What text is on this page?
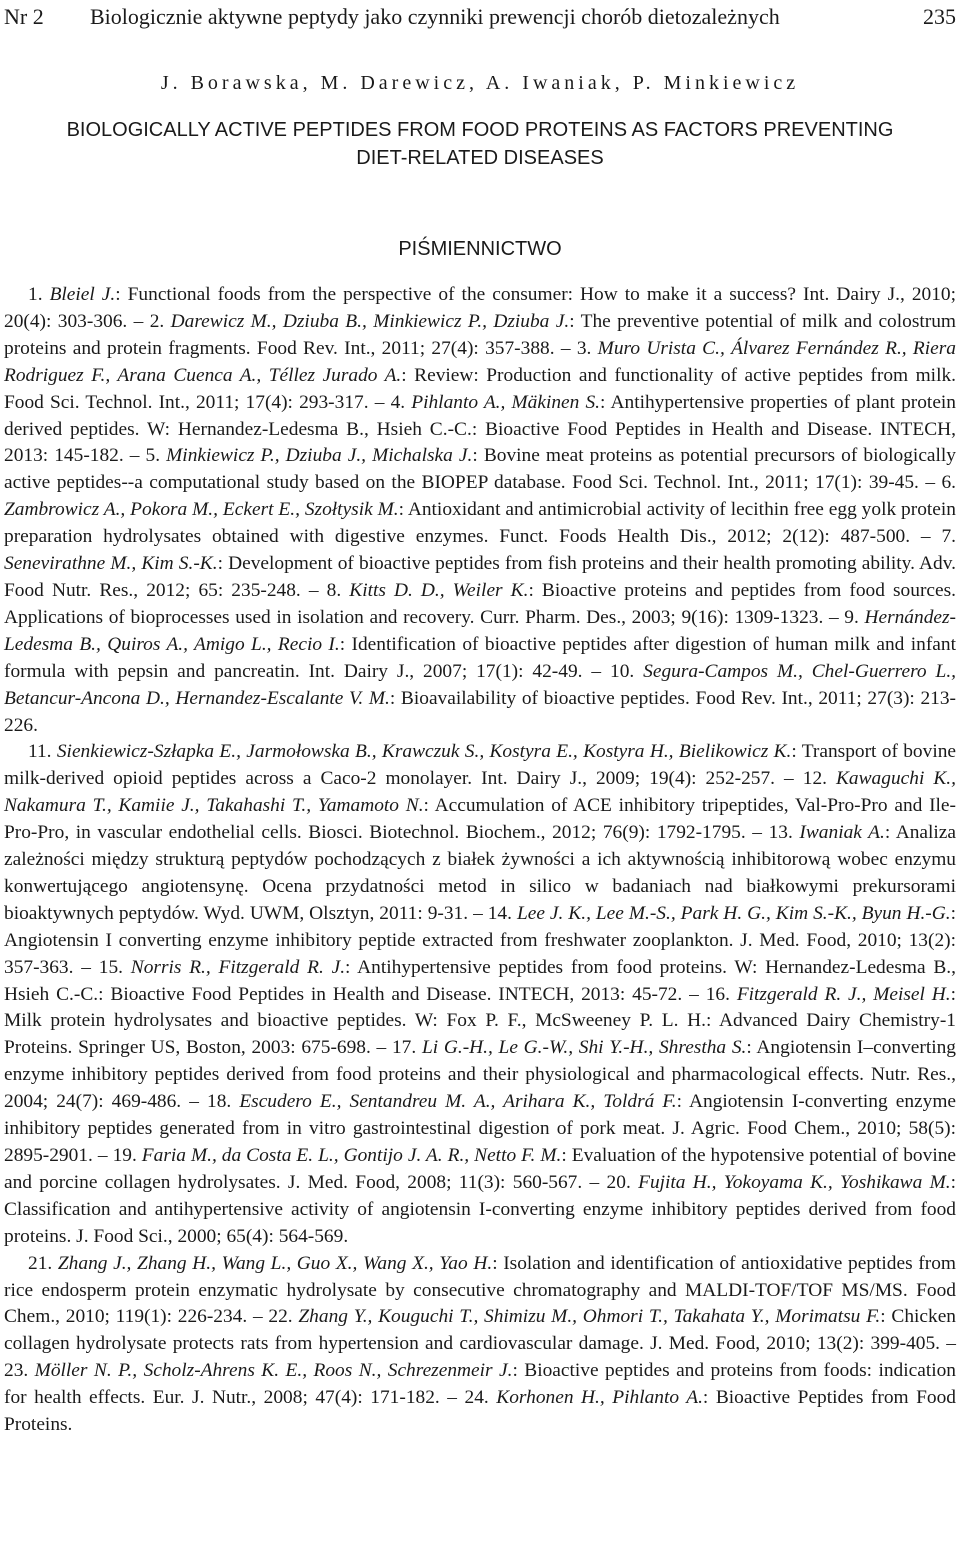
Nr 2 Biologicznie aktywne peptydy jako czynniki prewencji chorób dietozależnych	235
J. Borawska, M. Darewicz, A. Iwaniak, P. Minkiewicz
BIOLOGICALLY ACTIVE PEPTIDES FROM FOOD PROTEINS AS FACTORS PREVENTING
DIET-RELATED DISEASES
PIŚMIENNICTWO

1. Bleiel J.: Functional foods from the perspective of the consumer: How to make it a success? Int. Dairy J., 2010; 20(4): 303-306. – 2. Darewicz M., Dziuba B., Minkiewicz P., Dziuba J.: The preventive potential of milk and colostrum proteins and protein fragments. Food Rev. Int., 2011; 27(4): 357-388. – 3. Muro Urista C., Álvarez Fernández R., Riera Rodriguez F., Arana Cuenca A., Téllez Jurado A.: Review: Production and functionality of active peptides from milk. Food Sci. Technol. Int., 2011; 17(4): 293-317. – 4. Pihlanto A., Mäkinen S.: Antihypertensive properties of plant protein derived peptides. W: Hernandez-Ledesma B., Hsieh C.-C.: Bioactive Food Peptides in Health and Disease. INTECH, 2013: 145-182. – 5. Minkiewicz P., Dziuba J., Michalska J.: Bovine meat proteins as potential precursors of biologically active peptides--a computational study based on the BIOPEP database. Food Sci. Technol. Int., 2011; 17(1): 39-45. – 6. Zambrowicz A., Pokora M., Eckert E., Szołtysik M.: Antioxidant and antimicrobial activity of lecithin free egg yolk protein preparation hydrolysates obtained with digestive enzymes. Funct. Foods Health Dis., 2012; 2(12): 487-500. – 7. Senevirathne M., Kim S.-K.: Development of bioactive peptides from fish proteins and their health promoting ability. Adv. Food Nutr. Res., 2012; 65: 235-248. – 8. Kitts D. D., Weiler K.: Bioactive proteins and peptides from food sources. Applications of bioprocesses used in isolation and recovery. Curr. Pharm. Des., 2003; 9(16): 1309-1323. – 9. Hernández-Ledesma B., Quiros A., Amigo L., Recio I.: Identification of bioactive peptides after digestion of human milk and infant formula with pepsin and pancreatin. Int. Dairy J., 2007; 17(1): 42-49. – 10. Segura-Campos M., Chel-Guerrero L., Betancur-Ancona D., Hernandez-Escalante V. M.: Bioavailability of bioactive peptides. Food Rev. Int., 2011; 27(3): 213-226.

11. Sienkiewicz-Szłapka E., Jarmołowska B., Krawczuk S., Kostyra E., Kostyra H., Bielikowicz K.: Transport of bovine milk-derived opioid peptides across a Caco-2 monolayer. Int. Dairy J., 2009; 19(4): 252-257. – 12. Kawaguchi K., Nakamura T., Kamiie J., Takahashi T., Yamamoto N.: Accumulation of ACE inhibitory tripeptides, Val-Pro-Pro and Ile-Pro-Pro, in vascular endothelial cells. Biosci. Biotechnol. Biochem., 2012; 76(9): 1792-1795. – 13. Iwaniak A.: Analiza zależności między strukturą peptydów pochodzących z białek żywności a ich aktywnością inhibitorową wobec enzymu konwertującego angiotensynę. Ocena przydatności metod in silico w badaniach nad białkowymi prekursorami bioaktywnych peptydów. Wyd. UWM, Olsztyn, 2011: 9-31. – 14. Lee J. K., Lee M.-S., Park H. G., Kim S.-K., Byun H.-G.: Angiotensin I converting enzyme inhibitory peptide extracted from freshwater zooplankton. J. Med. Food, 2010; 13(2): 357-363. – 15. Norris R., Fitzgerald R. J.: Antihypertensive peptides from food proteins. W: Hernandez-Ledesma B., Hsieh C.-C.: Bioactive Food Peptides in Health and Disease. INTECH, 2013: 45-72. – 16. Fitzgerald R. J., Meisel H.: Milk protein hydrolysates and bioactive peptides. W: Fox P. F., McSweeney P. L. H.: Advanced Dairy Chemistry-1 Proteins. Springer US, Boston, 2003: 675-698. – 17. Li G.-H., Le G.-W., Shi Y.-H., Shrestha S.: Angiotensin I–converting enzyme inhibitory peptides derived from food proteins and their physiological and pharmacological effects. Nutr. Res., 2004; 24(7): 469-486. – 18. Escudero E., Sentandreu M. A., Arihara K., Toldrá F.: Angiotensin I-converting enzyme inhibitory peptides generated from in vitro gastrointestinal digestion of pork meat. J. Agric. Food Chem., 2010; 58(5): 2895-2901. – 19. Faria M., da Costa E. L., Gontijo J. A. R., Netto F. M.: Evaluation of the hypotensive potential of bovine and porcine collagen hydrolysates. J. Med. Food, 2008; 11(3): 560-567. – 20. Fujita H., Yokoyama K., Yoshikawa M.: Classification and antihypertensive activity of angiotensin I-converting enzyme inhibitory peptides derived from food proteins. J. Food Sci., 2000; 65(4): 564-569.

21. Zhang J., Zhang H., Wang L., Guo X., Wang X., Yao H.: Isolation and identification of antioxidative peptides from rice endosperm protein enzymatic hydrolysate by consecutive chromatography and MALDI-TOF/TOF MS/MS. Food Chem., 2010; 119(1): 226-234. – 22. Zhang Y., Kouguchi T., Shimizu M., Ohmori T., Takahata Y., Morimatsu F.: Chicken collagen hydrolysate protects rats from hypertension and cardiovascular damage. J. Med. Food, 2010; 13(2): 399-405. – 23. Möller N. P., Scholz-Ahrens K. E., Roos N., Schrezenmeir J.: Bioactive peptides and proteins from foods: indication for health effects. Eur. J. Nutr., 2008; 47(4): 171-182. – 24. Korhonen H., Pihlanto A.: Bioactive Peptides from Food Proteins.
